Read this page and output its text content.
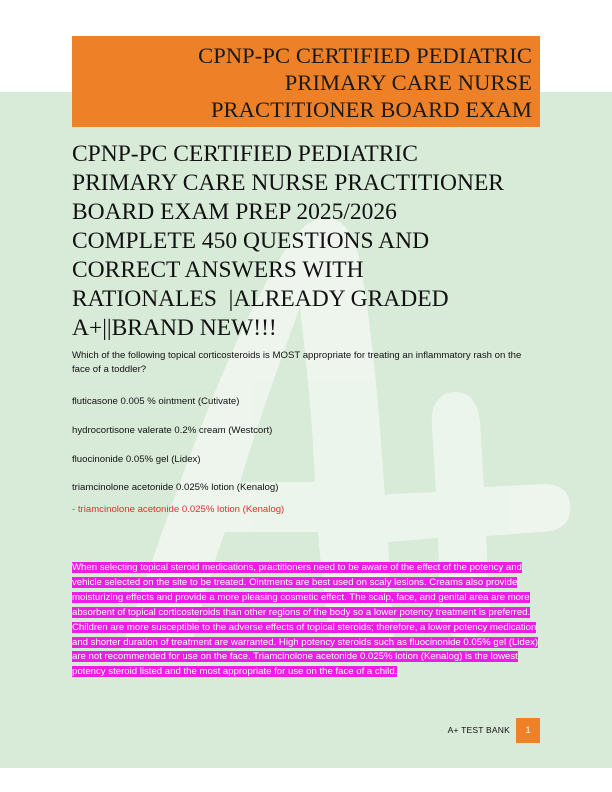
CPNP-PC CERTIFIED PEDIATRIC

PRIMARY CARE NURSE

PRACTITIONER BOARD EXAM

CPNP-PC CERTIFIED PEDIATRIC
PRIMARY CARE NURSE PRACTITIONER
BOARD EXAM PREP 2025/2026
COMPLETE 450 QUESTIONS AND
CORRECT ANSWERS WITH
RATIONALES  |ALREADY GRADED
A+||BRAND NEW!!!

Which of the following topical corticosteroids is MOST appropriate for treating an inflammatory rash on the face of a toddler?

fluticasone 0.005 % ointment (Cutivate)

hydrocortisone valerate 0.2% cream (Westcort)

fluocinonide 0.05% gel (Lidex)

triamcinolone acetonide 0.025% lotion (Kenalog)

- triamcinolone acetonide 0.025% lotion (Kenalog)

When selecting topical steroid medications, practitioners need to be aware of the effect of the potency and vehicle selected on the site to be treated. Ointments are best used on scaly lesions. Creams also provide moisturizing effects and provide a more pleasing cosmetic effect. The scalp, face, and genital area are more absorbent of topical corticosteroids than other regions of the body so a lower potency treatment is preferred. Children are more susceptible to the adverse effects of topical steroids; therefore, a lower potency medication and shorter duration of treatment are warranted. High potency steroids such as fluocinonide 0.05% gel (Lidex) are not recommended for use on the face. Triamcinolone acetonide 0.025% lotion (Kenalog) is the lowest potency steroid listed and the most appropriate for use on the face of a child.

A+ TEST BANK	1
